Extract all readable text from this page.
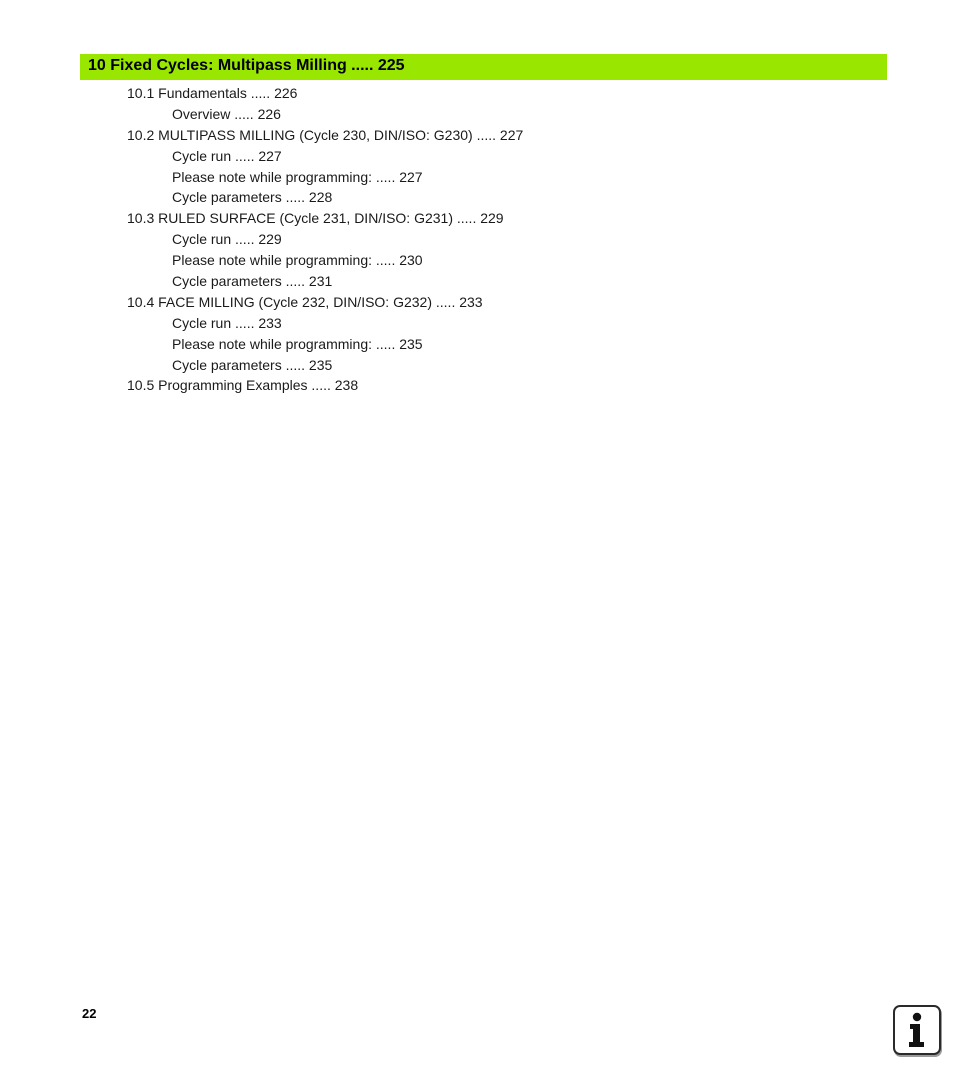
10 Fixed Cycles: Multipass Milling ..... 225
10.1 Fundamentals ..... 226
Overview ..... 226
10.2 MULTIPASS MILLING (Cycle 230, DIN/ISO: G230) ..... 227
Cycle run ..... 227
Please note while programming: ..... 227
Cycle parameters ..... 228
10.3 RULED SURFACE (Cycle 231, DIN/ISO: G231) ..... 229
Cycle run ..... 229
Please note while programming: ..... 230
Cycle parameters ..... 231
10.4 FACE MILLING (Cycle 232, DIN/ISO: G232) ..... 233
Cycle run ..... 233
Please note while programming: ..... 235
Cycle parameters ..... 235
10.5 Programming Examples ..... 238
22
